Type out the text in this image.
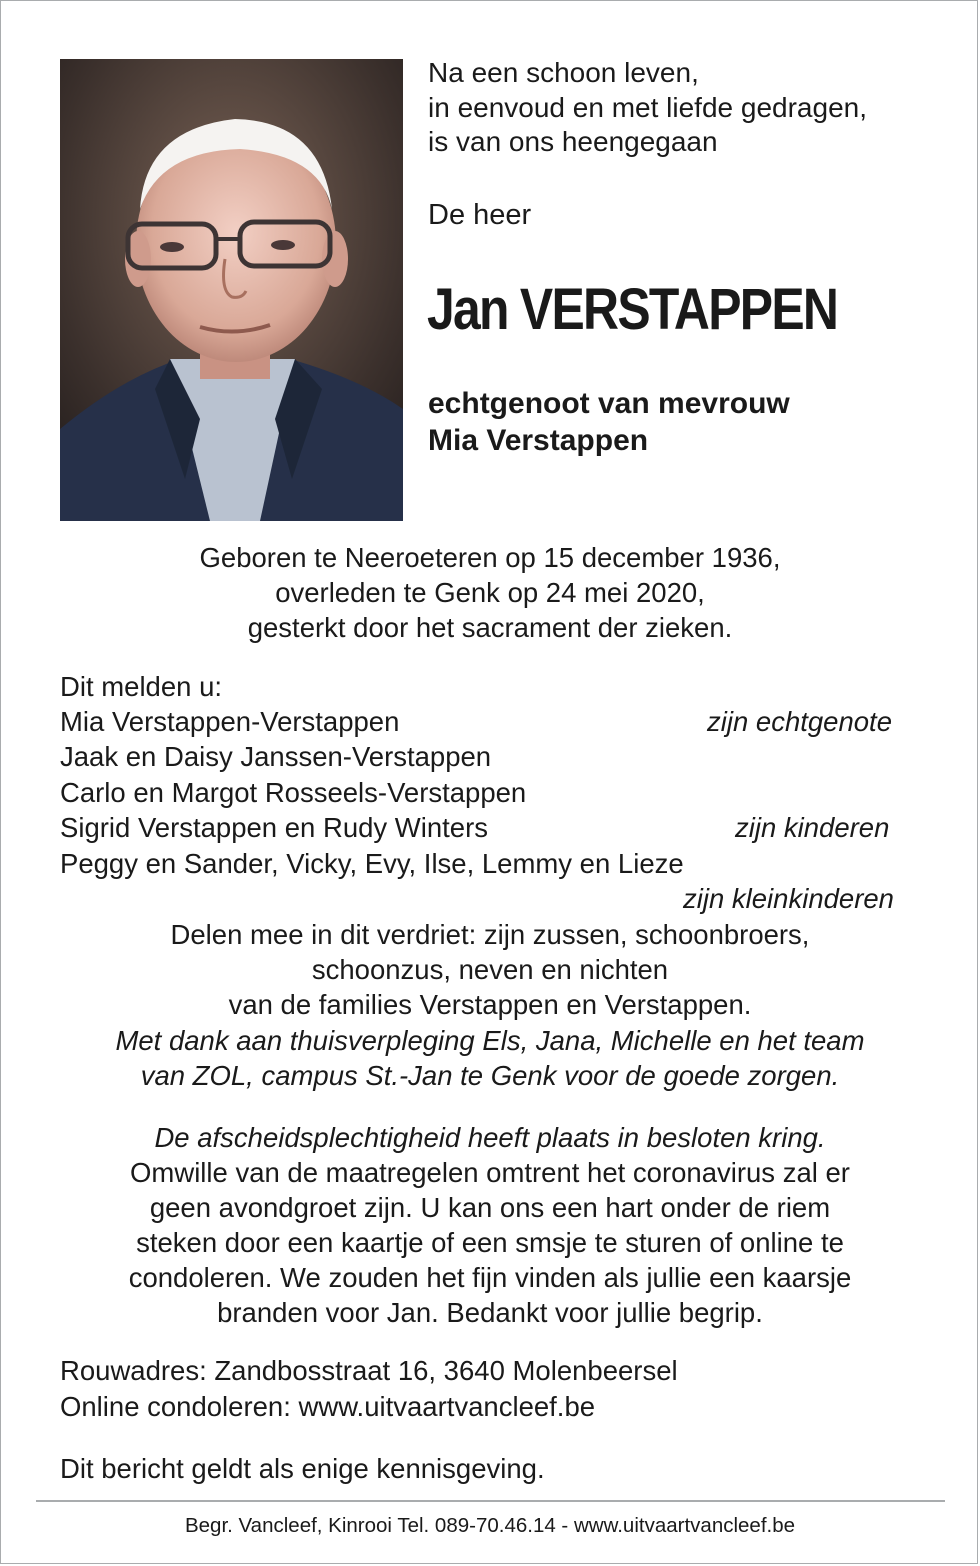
Na een schoon leven,
in eenvoud en met liefde gedragen,
is van ons heengegaan
De heer
Jan VERSTAPPEN
echtgenoot van mevrouw
Mia Verstappen
Geboren te Neeroeteren op 15 december 1936,
overleden te Genk op 24 mei 2020,
gesterkt door het sacrament der zieken.
Dit melden u:
Mia Verstappen-Verstappen	zijn echtgenote
Jaak en Daisy Janssen-Verstappen
Carlo en Margot Rosseels-Verstappen
Sigrid Verstappen en Rudy Winters	zijn kinderen
Peggy en Sander, Vicky, Evy, Ilse, Lemmy en Lieze
zijn kleinkinderen
Delen mee in dit verdriet: zijn zussen, schoonbroers,
schoonzus, neven en nichten
van de families Verstappen en Verstappen.
Met dank aan thuisverpleging Els, Jana, Michelle en het team
van ZOL, campus St.-Jan te Genk voor de goede zorgen.
De afscheidsplechtigheid heeft plaats in besloten kring.
Omwille van de maatregelen omtrent het coronavirus zal er
geen avondgroet zijn. U kan ons een hart onder de riem
steken door een kaartje of een smsje te sturen of online te
condoleren. We zouden het fijn vinden als jullie een kaarsje
branden voor Jan. Bedankt voor jullie begrip.
Rouwadres: Zandbosstraat 16, 3640 Molenbeersel
Online condoleren: www.uitvaartvancleef.be
Dit bericht geldt als enige kennisgeving.
Begr. Vancleef, Kinrooi Tel. 089-70.46.14 - www.uitvaartvancleef.be
